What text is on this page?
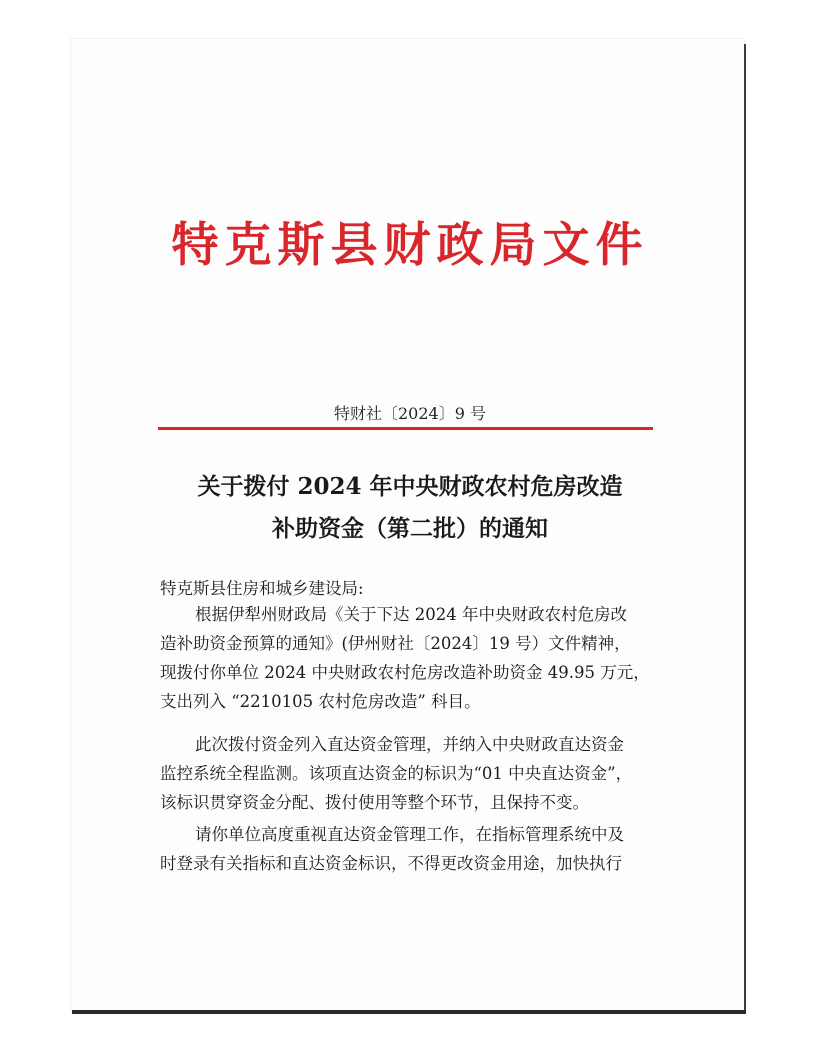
特克斯县财政局文件
特财社〔2024〕9 号
关于拨付 2024 年中央财政农村危房改造
补助资金（第二批）的通知
特克斯县住房和城乡建设局:
根据伊犁州财政局《关于下达 2024 年中央财政农村危房改
造补助资金预算的通知》(伊州财社〔2024〕19 号）文件精神，
现拨付你单位 2024 中央财政农村危房改造补助资金 49.95 万元，
支出列入 “2210105 农村危房改造” 科目。
此次拨付资金列入直达资金管理，并纳入中央财政直达资金
监控系统全程监测。该项直达资金的标识为“01 中央直达资金”，
该标识贯穿资金分配、拨付使用等整个环节，且保持不变。
请你单位高度重视直达资金管理工作，在指标管理系统中及
时登录有关指标和直达资金标识，不得更改资金用途，加快执行
